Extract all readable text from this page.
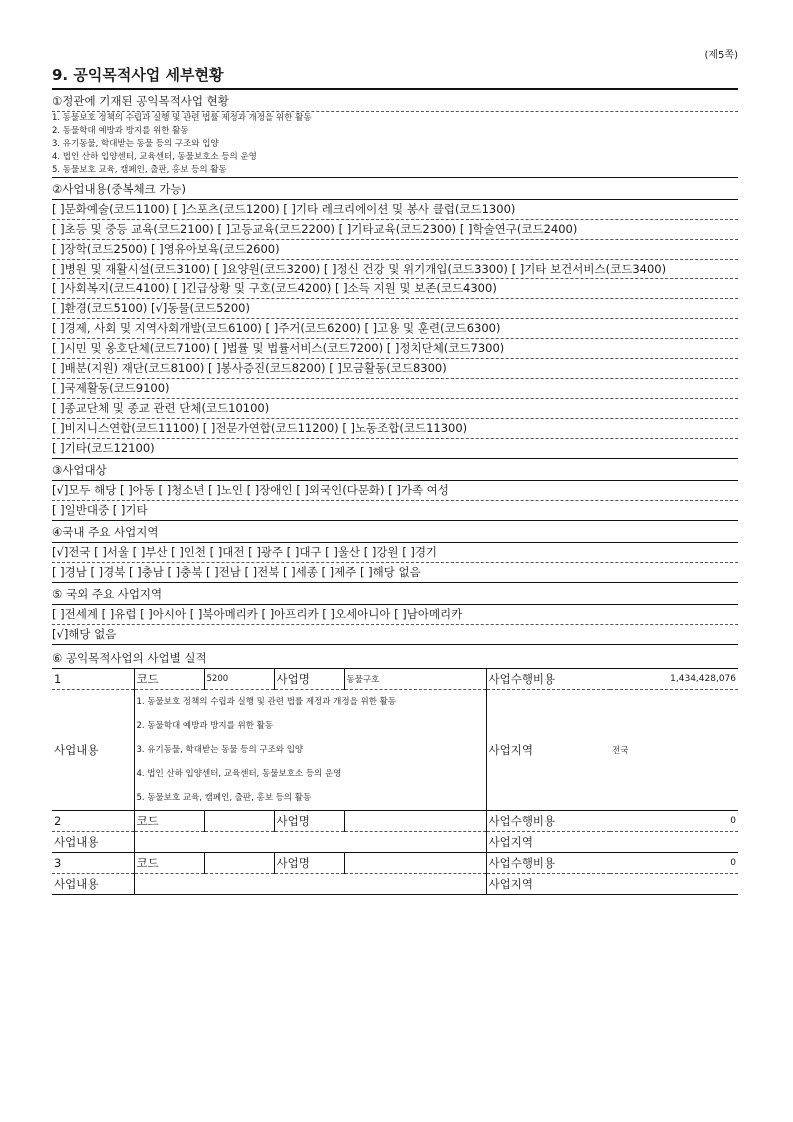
(제5쪽)
9. 공익목적사업 세부현황
①정관에 기재된 공익목적사업 현황
1. 동물보호 정책의 수립과 실행 및 관련 법률 제정과 개정을 위한 활동
2. 동물학대 예방과 방지를 위한 활동
3. 유기동물, 학대받는 동물 등의 구조와 입양
4. 법인 산하 입양센터, 교육센터, 동물보호소 등의 운영
5. 동물보호 교육, 캠페인, 출판, 홍보 등의 활동
②사업내용(중복체크 가능)
[ ]문화예술(코드1100) [ ]스포츠(코드1200) [ ]기타 레크리에이션 및 봉사 클럽(코드1300)
[ ]초등 및 중등 교육(코드2100) [ ]고등교육(코드2200) [ ]기타교육(코드2300) [ ]학술연구(코드2400)
[ ]장학(코드2500) [ ]영유아보육(코드2600)
[ ]병원 및 재활시설(코드3100) [ ]요양원(코드3200) [ ]정신 건강 및 위기개입(코드3300) [ ]기타 보건서비스(코드3400)
[ ]사회복지(코드4100) [ ]긴급상황 및 구호(코드4200) [ ]소득 지원 및 보존(코드4300)
[ ]환경(코드5100) [√]동물(코드5200)
[ ]경제, 사회 및 지역사회개발(코드6100) [ ]주거(코드6200) [ ]고용 및 훈련(코드6300)
[ ]시민 및 옹호단체(코드7100) [ ]법률 및 법률서비스(코드7200) [ ]정치단체(코드7300)
[ ]배분(지원) 재단(코드8100) [ ]봉사증진(코드8200) [ ]모금활동(코드8300)
[ ]국제활동(코드9100)
[ ]종교단체 및 종교 관련 단체(코드10100)
[ ]비지니스연합(코드11100) [ ]전문가연합(코드11200) [ ]노동조합(코드11300)
[ ]기타(코드12100)
③사업대상
[√]모두 해당 [ ]아동 [ ]청소년 [ ]노인 [ ]장애인 [ ]외국인(다문화) [ ]가족 여성
[ ]일반대중 [ ]기타
④국내 주요 사업지역
[√]전국 [ ]서울 [ ]부산 [ ]인천 [ ]대전 [ ]광주 [ ]대구 [ ]울산 [ ]강원 [ ]경기
[ ]경남 [ ]경북 [ ]충남 [ ]충북 [ ]전남 [ ]전북 [ ]세종 [ ]제주 [ ]해당 없음
⑤ 국외 주요 사업지역
[ ]전세계 [ ]유럽 [ ]아시아 [ ]북아메리카 [ ]아프리카 [ ]오세아니아 [ ]남아메리카
[√]해당 없음
⑥ 공익목적사업의 사업별 실적
1	코드	5200	사업명	동물구호	사업수행비용	1,434,428,076
사업내용	1. 동물보호 정책의 수립과 실행 및 관련 법률 제정과 개정을 위한 활동
2. 동물학대 예방과 방지를 위한 활동
3. 유기동물, 학대받는 동물 등의 구조와 입양
4. 법인 산하 입양센터, 교육센터, 동물보호소 등의 운영
5. 동물보호 교육, 캠페인, 출판, 홍보 등의 활동				사업지역	전국
2	코드		사업명		사업수행비용	0
사업내용					사업지역	
3	코드		사업명		사업수행비용	0
사업내용					사업지역	
